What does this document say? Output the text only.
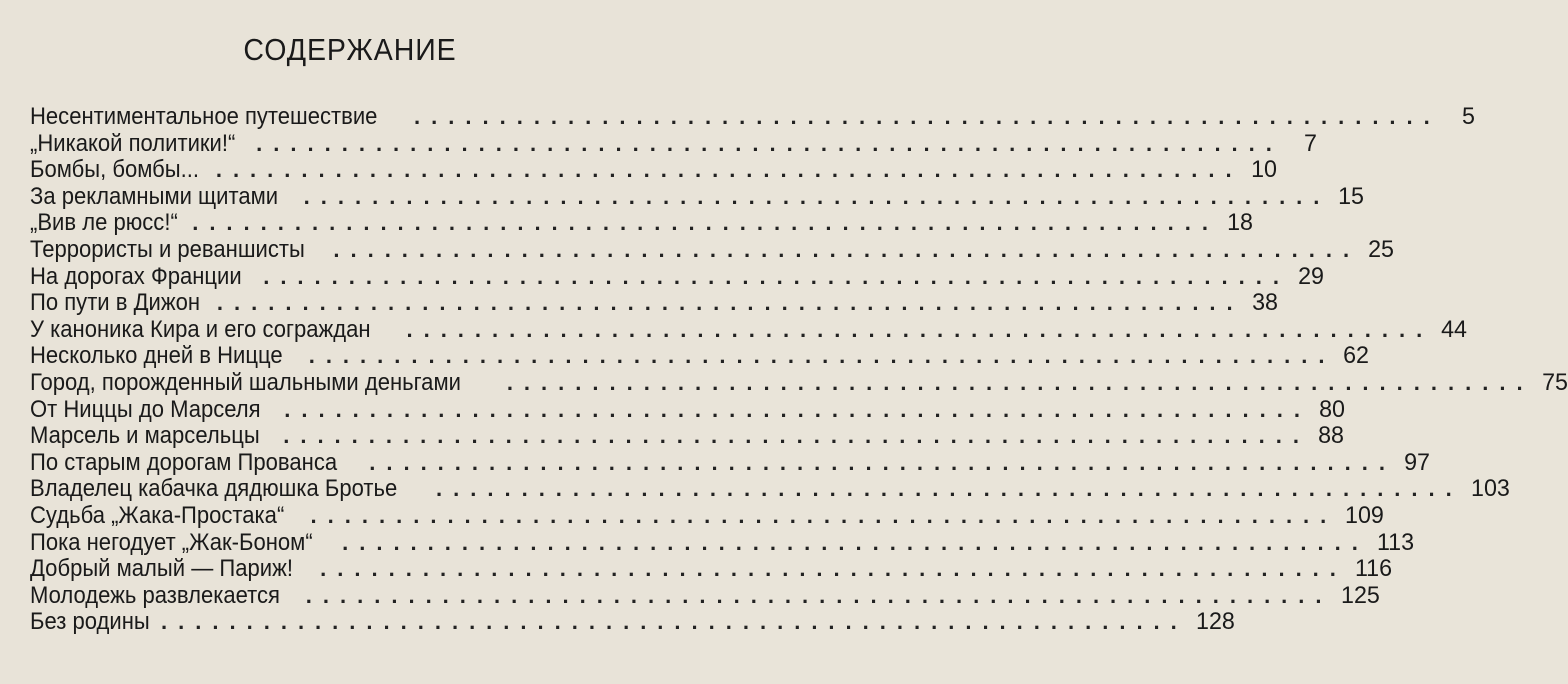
СОДЕРЖАНИЕ
Несентиментальное путешествие ............................................................ 5
„Никакой политики!“ ............................................................ 7
Бомбы, бомбы... ............................................................ 10
За рекламными щитами ............................................................ 15
„Вив ле рюсс!“ ............................................................ 18
Террористы и реваншисты ............................................................ 25
На дорогах Франции ............................................................ 29
По пути в Дижон ............................................................ 38
У каноника Кира и его сограждан ............................................................ 44
Несколько дней в Ницце ............................................................ 62
Город, порожденный шальными деньгами ............................................................ 75
От Ниццы до Марселя ............................................................ 80
Марсель и марсельцы ............................................................ 88
По старым дорогам Прованса ............................................................ 97
Владелец кабачка дядюшка Бротье ............................................................ 103
Судьба „Жака-Простака“ ............................................................ 109
Пока негодует „Жак-Боном“ ............................................................ 113
Добрый малый — Париж! ............................................................ 116
Молодежь развлекается ............................................................ 125
Без родины ............................................................ 128
